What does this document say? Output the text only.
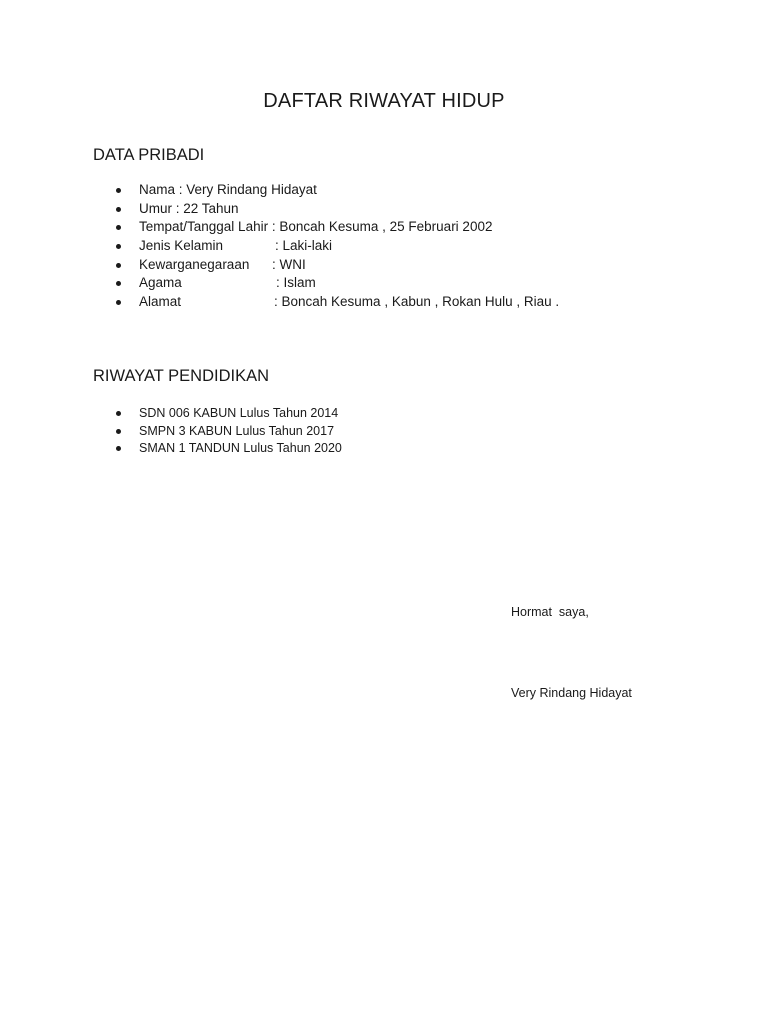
DAFTAR RIWAYAT HIDUP
DATA PRIBADI
Nama : Very Rindang Hidayat
Umur : 22 Tahun
Tempat/Tanggal Lahir : Boncah Kesuma , 25 Februari 2002
Jenis Kelamin	: Laki-laki
Kewarganegaraan : WNI
Agama	: Islam
Alamat	: Boncah Kesuma , Kabun , Rokan Hulu , Riau .
RIWAYAT PENDIDIKAN
SDN 006 KABUN Lulus Tahun 2014
SMPN 3 KABUN Lulus Tahun 2017
SMAN 1 TANDUN Lulus Tahun 2020

Hormat  saya,

Very Rindang Hidayat
